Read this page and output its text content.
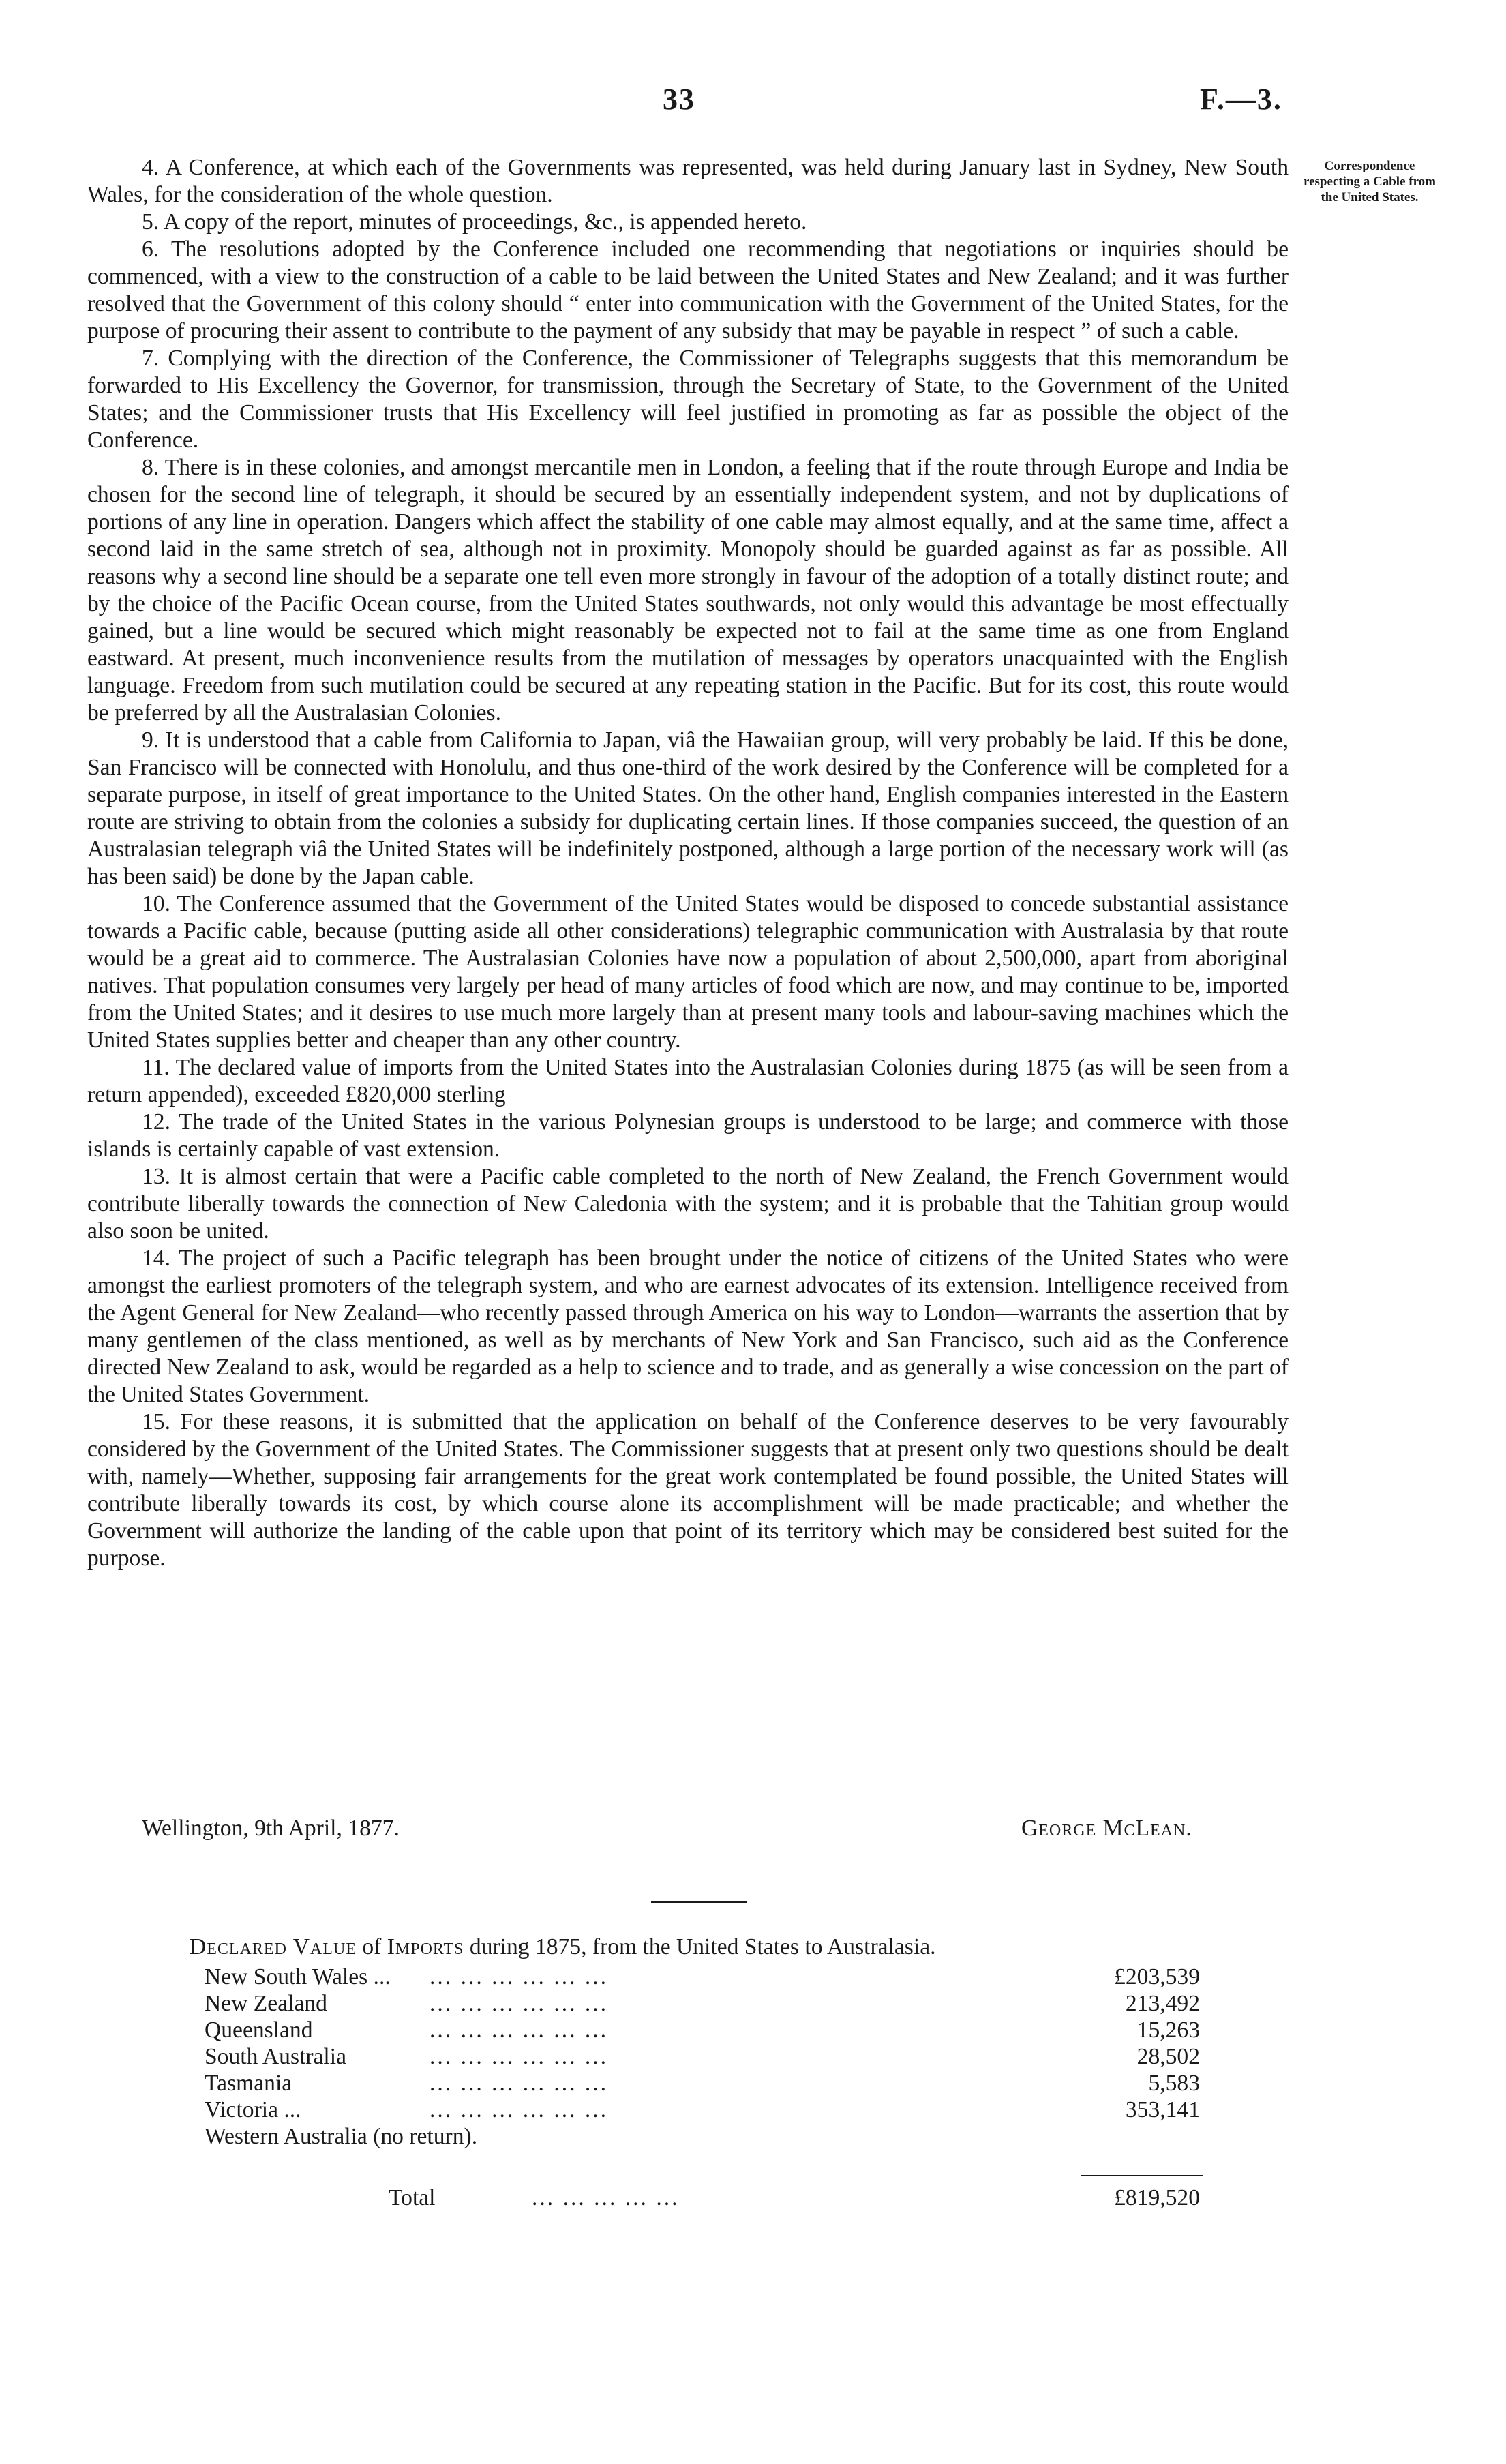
33	F.—3.
Correspondence respecting a Cable from the United States.

4. A Conference, at which each of the Governments was represented, was held during January last in Sydney, New South Wales, for the consideration of the whole question.

5. A copy of the report, minutes of proceedings, &c., is appended hereto.

6. The resolutions adopted by the Conference included one recommending that negotiations or inquiries should be commenced, with a view to the construction of a cable to be laid between the United States and New Zealand; and it was further resolved that the Government of this colony should “ enter into communication with the Government of the United States, for the purpose of procuring their assent to contribute to the payment of any subsidy that may be payable in respect ” of such a cable.

7. Complying with the direction of the Conference, the Commissioner of Telegraphs suggests that this memorandum be forwarded to His Excellency the Governor, for transmission, through the Secretary of State, to the Government of the United States; and the Commissioner trusts that His Excellency will feel justified in promoting as far as possible the object of the Conference.

8. There is in these colonies, and amongst mercantile men in London, a feeling that if the route through Europe and India be chosen for the second line of telegraph, it should be secured by an essentially independent system, and not by duplications of portions of any line in operation. Dangers which affect the stability of one cable may almost equally, and at the same time, affect a second laid in the same stretch of sea, although not in proximity. Monopoly should be guarded against as far as possible. All reasons why a second line should be a separate one tell even more strongly in favour of the adoption of a totally distinct route; and by the choice of the Pacific Ocean course, from the United States southwards, not only would this advantage be most effectually gained, but a line would be secured which might reasonably be expected not to fail at the same time as one from England eastward. At present, much inconvenience results from the mutilation of messages by operators unacquainted with the English language. Freedom from such mutilation could be secured at any repeating station in the Pacific. But for its cost, this route would be preferred by all the Australasian Colonies.

9. It is understood that a cable from California to Japan, viâ the Hawaiian group, will very probably be laid. If this be done, San Francisco will be connected with Honolulu, and thus one-third of the work desired by the Conference will be completed for a separate purpose, in itself of great importance to the United States. On the other hand, English companies interested in the Eastern route are striving to obtain from the colonies a subsidy for duplicating certain lines. If those companies succeed, the question of an Australasian telegraph viâ the United States will be indefinitely postponed, although a large portion of the necessary work will (as has been said) be done by the Japan cable.

10. The Conference assumed that the Government of the United States would be disposed to concede substantial assistance towards a Pacific cable, because (putting aside all other considerations) telegraphic communication with Australasia by that route would be a great aid to commerce. The Australasian Colonies have now a population of about 2,500,000, apart from aboriginal natives. That population consumes very largely per head of many articles of food which are now, and may continue to be, imported from the United States; and it desires to use much more largely than at present many tools and labour-saving machines which the United States supplies better and cheaper than any other country.

11. The declared value of imports from the United States into the Australasian Colonies during 1875 (as will be seen from a return appended), exceeded £820,000 sterling

12. The trade of the United States in the various Polynesian groups is understood to be large; and commerce with those islands is certainly capable of vast extension.

13. It is almost certain that were a Pacific cable completed to the north of New Zealand, the French Government would contribute liberally towards the connection of New Caledonia with the system; and it is probable that the Tahitian group would also soon be united.

14. The project of such a Pacific telegraph has been brought under the notice of citizens of the United States who were amongst the earliest promoters of the telegraph system, and who are earnest advocates of its extension. Intelligence received from the Agent General for New Zealand—who recently passed through America on his way to London—warrants the assertion that by many gentlemen of the class mentioned, as well as by merchants of New York and San Francisco, such aid as the Conference directed New Zealand to ask, would be regarded as a help to science and to trade, and as generally a wise concession on the part of the United States Government.

15. For these reasons, it is submitted that the application on behalf of the Conference deserves to be very favourably considered by the Government of the United States. The Commissioner suggests that at present only two questions should be dealt with, namely—Whether, supposing fair arrangements for the great work contemplated be found possible, the United States will contribute liberally towards its cost, by which course alone its accomplishment will be made practicable; and whether the Government will authorize the landing of the cable upon that point of its territory which may be considered best suited for the purpose.

Wellington, 9th April, 1877.	George McLean.
Declared Value of Imports during 1875, from the United States to Australasia.
New South Wales ... ... ... ... ... ... ...	£203,539
New Zealand	... ... ... ... ... ...	213,492
Queensland	... ... ... ... ... ...	15,263
South Australia	... ... ... ... ... ...	28,502
Tasmania	... ... ... ... ... ...	5,583
Victoria ...	... ... ... ... ... ...	353,141
Western Australia (no return).
Total	... ... ... ... ...	£819,520
